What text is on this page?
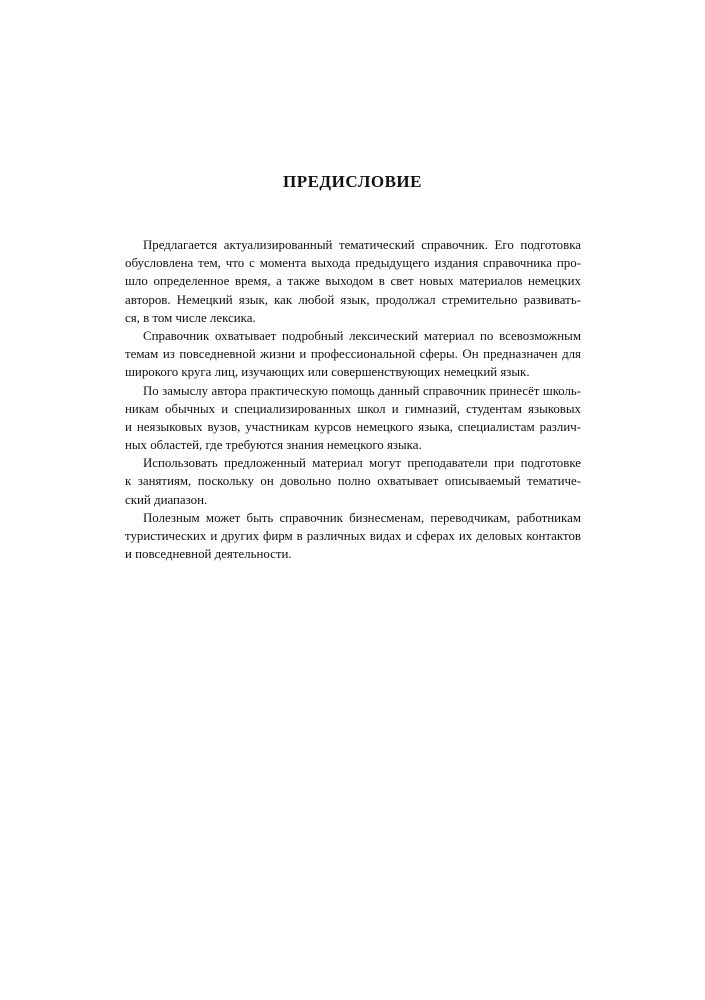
ПРЕДИСЛОВИЕ
Предлагается актуализированный тематический справочник. Его подготовка
обусловлена тем, что с момента выхода предыдущего издания справочника про-
шло определенное время, а также выходом в свет новых материалов немецких
авторов. Немецкий язык, как любой язык, продолжал стремительно развивать-
ся, в том числе лексика.
Справочник охватывает подробный лексический материал по всевозможным
темам из повседневной жизни и профессиональной сферы. Он предназначен для
широкого круга лиц, изучающих или совершенствующих немецкий язык.
По замыслу автора практическую помощь данный справочник принесёт школь-
никам обычных и специализированных школ и гимназий, студентам языковых
и неязыковых вузов, участникам курсов немецкого языка, специалистам различ-
ных областей, где требуются знания немецкого языка.
Использовать предложенный материал могут преподаватели при подготовке
к занятиям, поскольку он довольно полно охватывает описываемый тематиче-
ский диапазон.
Полезным может быть справочник бизнесменам, переводчикам, работникам
туристических и других фирм в различных видах и сферах их деловых контактов
и повседневной деятельности.
